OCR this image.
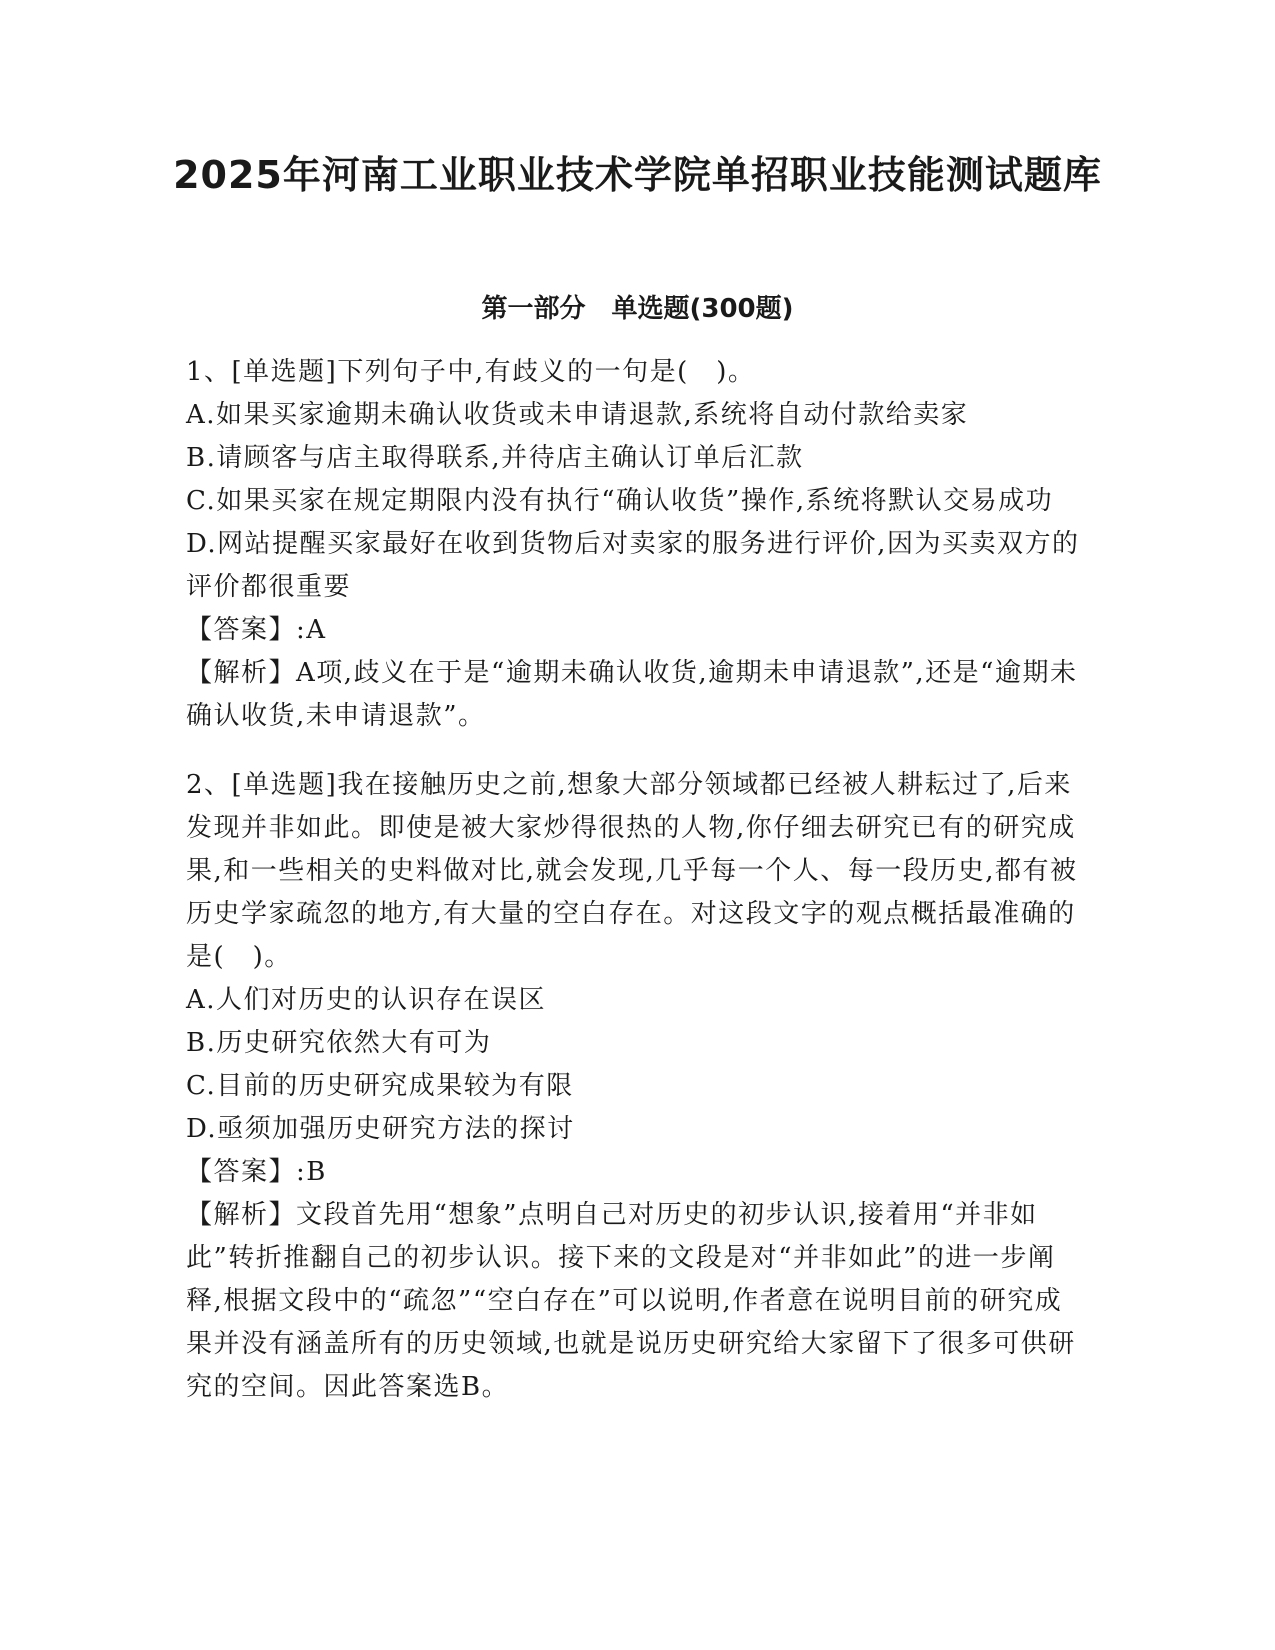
2025年河南工业职业技术学院单招职业技能测试题库
第一部分　单选题(300题)

1、[单选题]下列句子中,有歧义的一句是(　)。

A.如果买家逾期未确认收货或未申请退款,系统将自动付款给卖家

B.请顾客与店主取得联系,并待店主确认订单后汇款

C.如果买家在规定期限内没有执行“确认收货”操作,系统将默认交易成功

D.网站提醒买家最好在收到货物后对卖家的服务进行评价,因为买卖双方的评价都很重要

【答案】:A

【解析】A项,歧义在于是“逾期未确认收货,逾期未申请退款”,还是“逾期未确认收货,未申请退款”。

2、[单选题]我在接触历史之前,想象大部分领域都已经被人耕耘过了,后来发现并非如此。即使是被大家炒得很热的人物,你仔细去研究已有的研究成果,和一些相关的史料做对比,就会发现,几乎每一个人、每一段历史,都有被历史学家疏忽的地方,有大量的空白存在。对这段文字的观点概括最准确的是(　)。

A.人们对历史的认识存在误区

B.历史研究依然大有可为

C.目前的历史研究成果较为有限

D.亟须加强历史研究方法的探讨

【答案】:B

【解析】文段首先用“想象”点明自己对历史的初步认识,接着用“并非如此”转折推翻自己的初步认识。接下来的文段是对“并非如此”的进一步阐释,根据文段中的“疏忽”“空白存在”可以说明,作者意在说明目前的研究成果并没有涵盖所有的历史领域,也就是说历史研究给大家留下了很多可供研究的空间。因此答案选B。
